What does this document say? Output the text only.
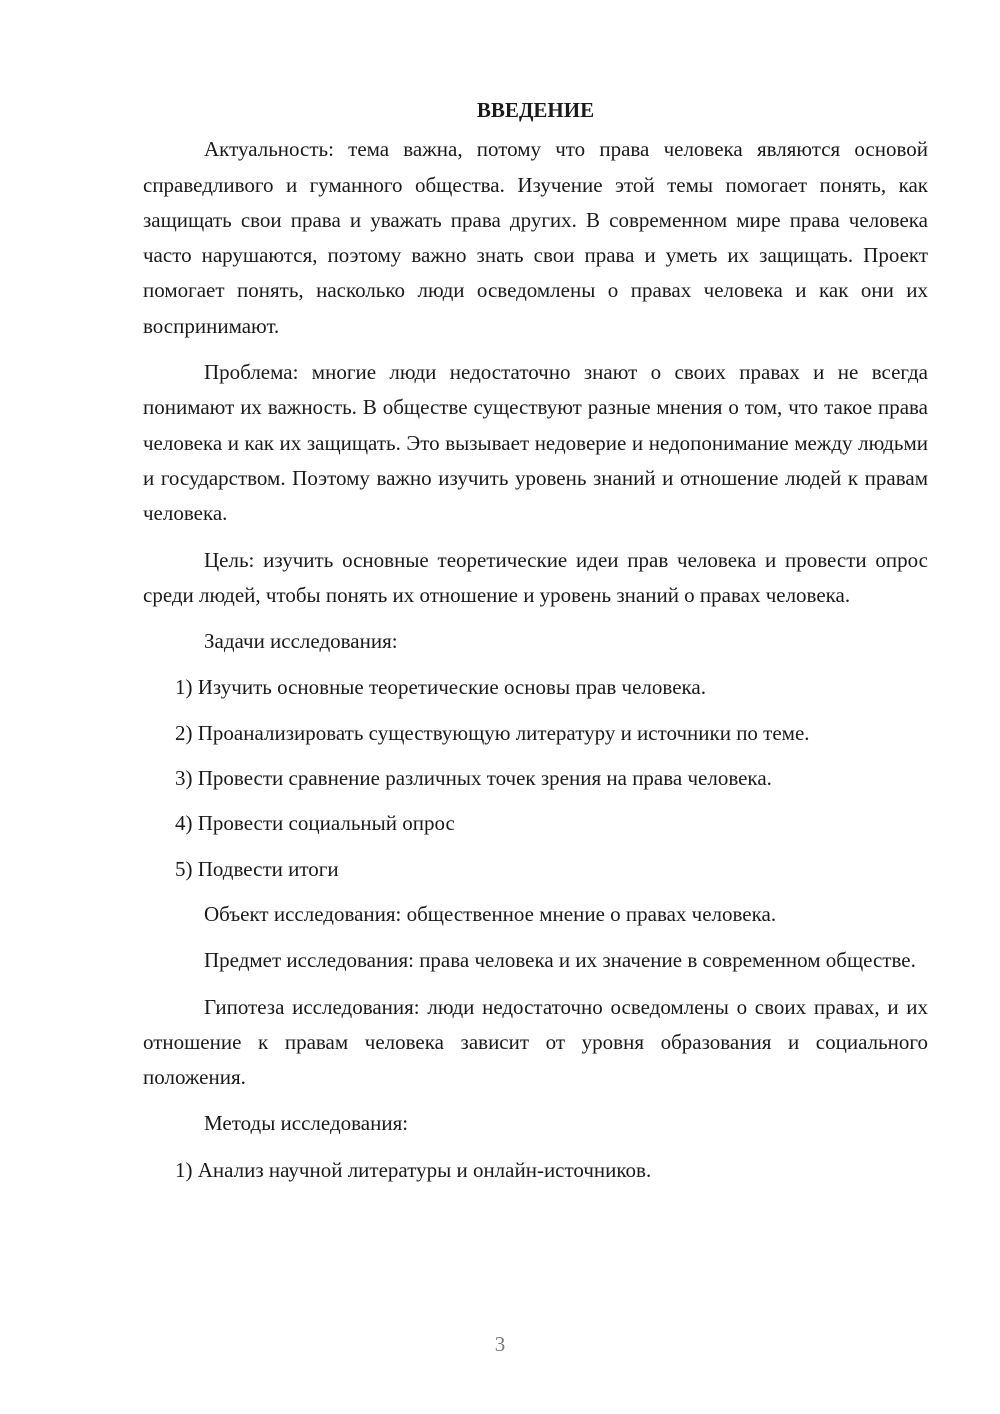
ВВЕДЕНИЕ

Актуальность: тема важна, потому что права человека являются основой справедливого и гуманного общества. Изучение этой темы помогает понять, как защищать свои права и уважать права других. В современном мире права человека часто нарушаются, поэтому важно знать свои права и уметь их защищать. Проект помогает понять, насколько люди осведомлены о правах человека и как они их воспринимают.

Проблема: многие люди недостаточно знают о своих правах и не всегда понимают их важность. В обществе существуют разные мнения о том, что такое права человека и как их защищать. Это вызывает недоверие и недопонимание между людьми и государством. Поэтому важно изучить уровень знаний и отношение людей к правам человека.

Цель: изучить основные теоретические идеи прав человека и провести опрос среди людей, чтобы понять их отношение и уровень знаний о правах человека.

Задачи исследования:

1) Изучить основные теоретические основы прав человека.
2) Проанализировать существующую литературу и источники по теме.
3) Провести сравнение различных точек зрения на права человека.
4) Провести социальный опрос
5) Подвести итоги

Объект исследования: общественное мнение о правах человека.

Предмет исследования: права человека и их значение в современном обществе.

Гипотеза исследования: люди недостаточно осведомлены о своих правах, и их отношение к правам человека зависит от уровня образования и социального положения.

Методы исследования:

1) Анализ научной литературы и онлайн-источников.
3
